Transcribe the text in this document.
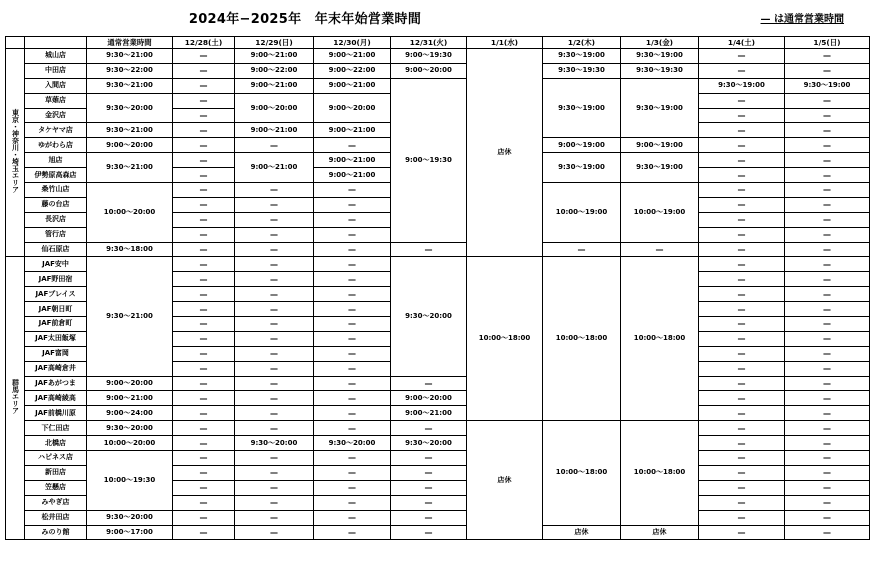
2024年−2025年　年末年始営業時間	— は通常営業時間
		通常営業時間	12/28(土)	12/29(日)	12/30(月)	12/31(火)	1/1(水)	1/2(木)	1/3(金)	1/4(土)	1/5(日)
東京・神奈川・埼玉エリア	城山店	9:30〜21:00	—	9:00〜21:00	9:00〜21:00	9:00〜19:30	店休	9:30〜19:00	9:30〜19:00	—	—
	中田店	9:30〜22:00	—	9:00〜22:00	9:00〜22:00	9:00〜20:00		9:30〜19:30	9:30〜19:30	—	—
	入間店	9:30〜21:00	—	9:00〜21:00	9:00〜21:00	9:00〜19:30		9:30〜19:00	9:30〜19:00	9:30〜19:00	9:30〜19:00
	草薙店	9:30〜20:00	—	9:00〜20:00	9:00〜20:00					—	—
	金沢店		—							—	—
	タケヤマ店	9:30〜21:00	—	9:00〜21:00	9:00〜21:00					—	—
	ゆがわら店	9:00〜20:00	—	—	—			9:00〜19:00	9:00〜19:00	—	—
	旭店	9:30〜21:00	—	9:00〜21:00	9:00〜21:00			9:30〜19:00	9:30〜19:00	—	—
	伊勢原高森店		—		9:00〜21:00					—	—
	桑竹山店	10:00〜20:00	—	—	—			10:00〜19:00	10:00〜19:00	—	—
	藤の台店		—	—	—					—	—
	長沢店		—	—	—					—	—
	管行店		—	—	—					—	—
	仙石原店	9:30〜18:00	—	—	—	—		—	—	—	—
群馬エリア	JAF安中	9:30〜21:00	—	—	—	9:30〜20:00	10:00〜18:00	10:00〜18:00	10:00〜18:00	—	—
	JAF野田宿		—	—	—					—	—
	JAFプレイス		—	—	—					—	—
	JAF朝日町		—	—	—					—	—
	JAF前倉町		—	—	—					—	—
	JAF太田飯塚		—	—	—					—	—
	JAF富岡		—	—	—					—	—
	JAF高崎倉井		—	—	—					—	—
	JAFあがつま	9:00〜20:00	—	—	—	—				—	—
	JAF高崎綾高	9:00〜21:00	—	—	—	9:00〜20:00				—	—
	JAF前橋川原	9:00〜24:00	—	—	—	9:00〜21:00				—	—
	下仁田店	9:30〜20:00	—	—	—	—	店休	10:00〜18:00	10:00〜18:00	—	—
	北橋店	10:00〜20:00	—	9:30〜20:00	9:30〜20:00	9:30〜20:00				—	—
	ハピネス店	10:00〜19:30	—	—	—	—				—	—
	新田店		—	—	—	—				—	—
	笠懸店		—	—	—	—				—	—
	みやぎ店		—	—	—	—				—	—
	松井田店	9:30〜20:00	—	—	—	—				—	—
	みのり館	9:00〜17:00	—	—	—	—		店休	店休	—	—
